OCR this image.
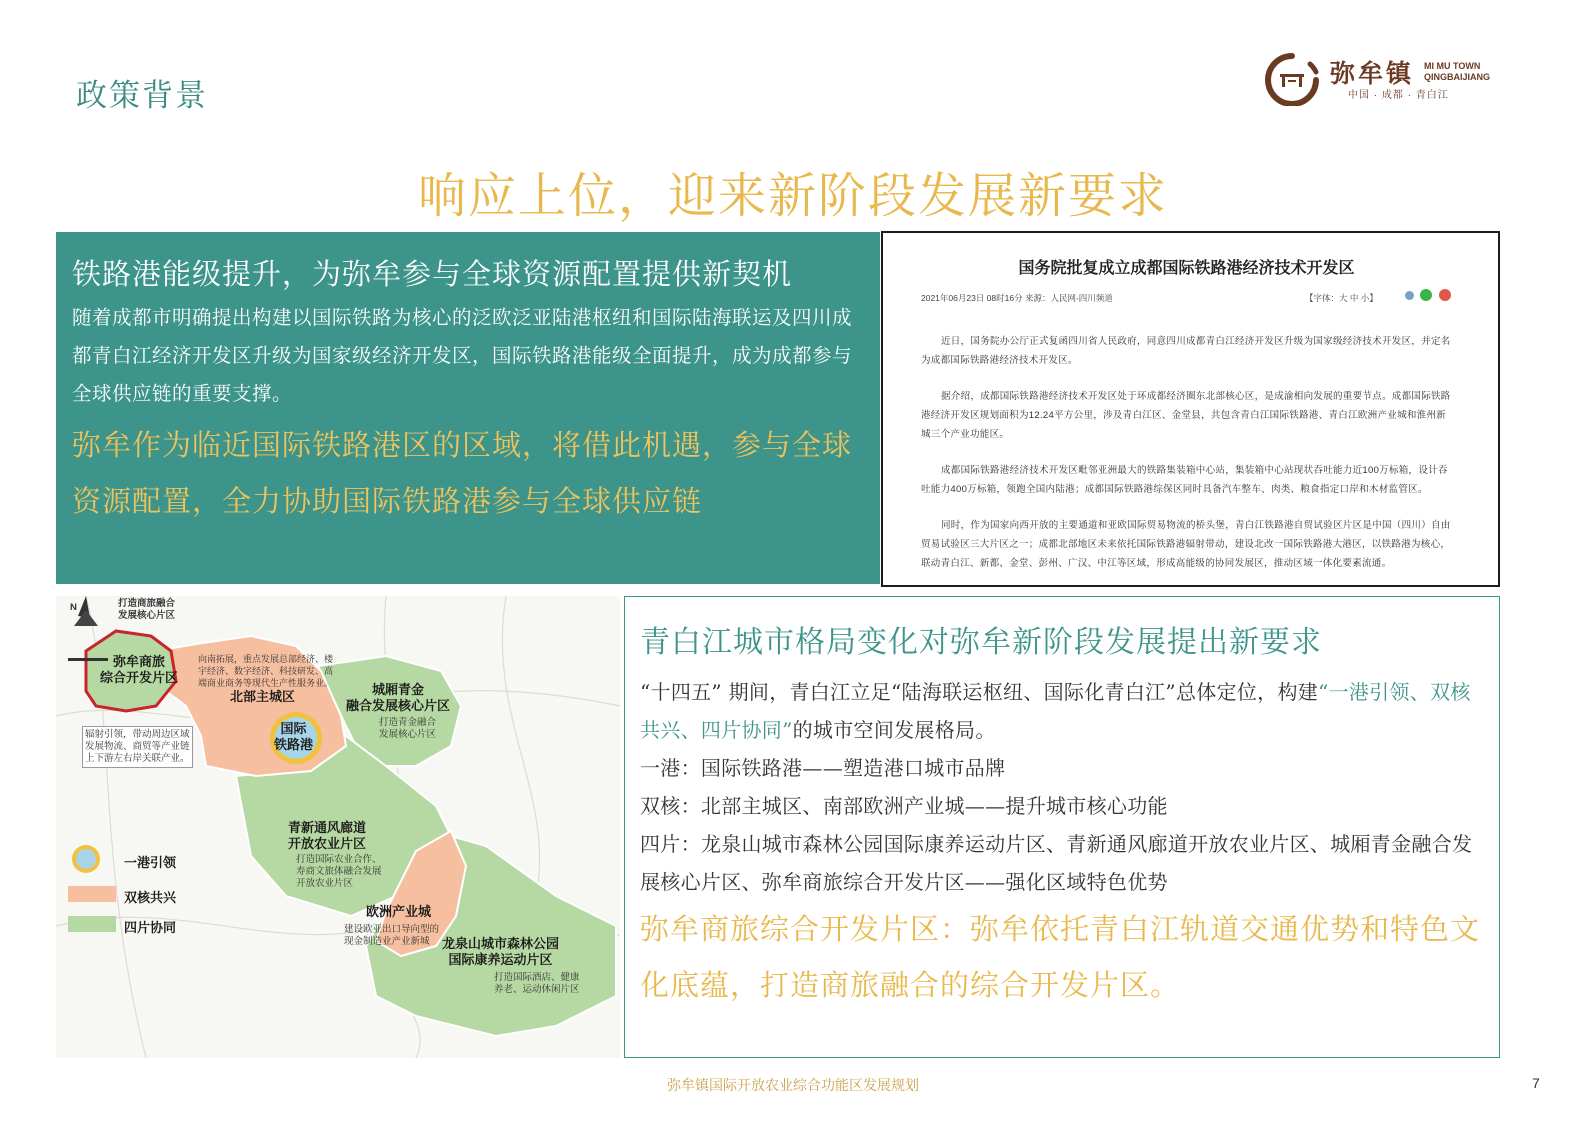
政策背景
弥牟镇 MI MU TOWN
QINGBAIJIANG
中国 · 成都 · 青白江
响应上位，迎来新阶段发展新要求
铁路港能级提升，为弥牟参与全球资源配置提供新契机
随着成都市明确提出构建以国际铁路为核心的泛欧泛亚陆港枢纽和国际陆海联运及四川成都青白江经济开发区升级为国家级经济开发区，国际铁路港能级全面提升，成为成都参与全球供应链的重要支撑。
弥牟作为临近国际铁路港区的区域，将借此机遇，参与全球资源配置，全力协助国际铁路港参与全球供应链
国务院批复成立成都国际铁路港经济技术开发区
2021年06月23日 08时16分 来源：人民网-四川频道	【字体：大 中 小】

近日，国务院办公厅正式复函四川省人民政府，同意四川成都青白江经济开发区升级为国家级经济技术开发区，并定名为成都国际铁路港经济技术开发区。
据介绍，成都国际铁路港经济技术开发区处于环成都经济圈东北部核心区，是成渝相向发展的重要节点。成都国际铁路港经济开发区规划面积为12.24平方公里，涉及青白江区、金堂县，共包含青白江国际铁路港、青白江欧洲产业城和淮州新城三个产业功能区。
成都国际铁路港经济技术开发区毗邻亚洲最大的铁路集装箱中心站，集装箱中心站现状吞吐能力近100万标箱，设计吞吐能力400万标箱，领跑全国内陆港；成都国际铁路港综保区同时具备汽车整车、肉类、粮食指定口岸和木材监管区。
同时，作为国家向西开放的主要通道和亚欧国际贸易物流的桥头堡，青白江铁路港自贸试验区片区是中国（四川）自由贸易试验区三大片区之一；成都北部地区未来依托国际铁路港辐射带动，建设北改一国际铁路港大港区，以铁路港为核心，联动青白江、新都、金堂、彭州、广汉、中江等区域，形成高能级的协同发展区，推动区域一体化要素流通。
N	打造商旅融合
发展核心片区
弥牟商旅
综合开发片区
向南拓展，重点发展总部经济、楼
宇经济、数字经济、科技研发、高
端商业商务等现代生产性服务业。
北部主城区
国际
铁路港
辐射引领，带动周边区域
发展物流、商贸等产业链
上下游左右岸关联产业。
城厢青金
融合发展核心片区
打造青金融合
发展核心片区
青新通风廊道
开放农业片区
打造国际农业合作、
寿商文旅体融合发展
开放农业片区
欧洲产业城
建设欧亚出口导向型的
现金制造业产业新城 龙泉山城市森林公园
国际康养运动片区
打造国际酒店、健康
养老、运动休闲片区
一港引领
双核共兴
四片协同
青白江城市格局变化对弥牟新阶段发展提出新要求
“十四五” 期间，青白江立足“陆海联运枢纽、国际化青白江”总体定位，构建“一港引领、双核共兴、四片协同”的城市空间发展格局。
一港：国际铁路港——塑造港口城市品牌
双核：北部主城区、南部欧洲产业城——提升城市核心功能
四片：龙泉山城市森林公园国际康养运动片区、青新通风廊道开放农业片区、城厢青金融合发展核心片区、弥牟商旅综合开发片区——强化区域特色优势
弥牟商旅综合开发片区：弥牟依托青白江轨道交通优势和特色文化底蕴，打造商旅融合的综合开发片区。
弥牟镇国际开放农业综合功能区发展规划	7
